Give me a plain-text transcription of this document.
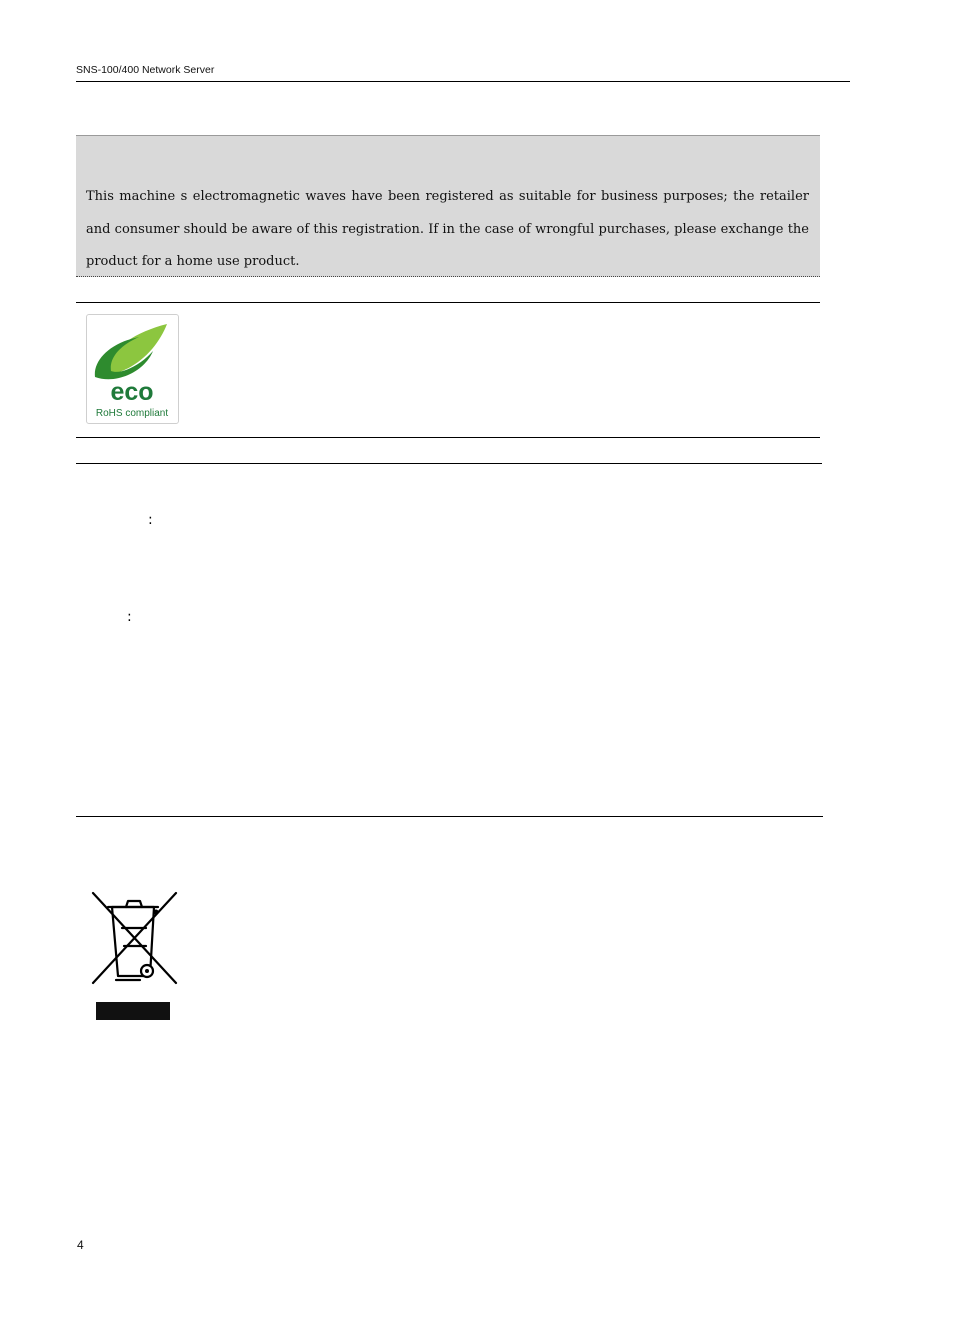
SNS-100/400 Network Server
This machine s electromagnetic waves have been registered as suitable for business purposes; the retailer and consumer should be aware of this registration. If in the case of wrongful purchases, please exchange the product for a home use product.
eco
RoHS compliant
:
:
4
